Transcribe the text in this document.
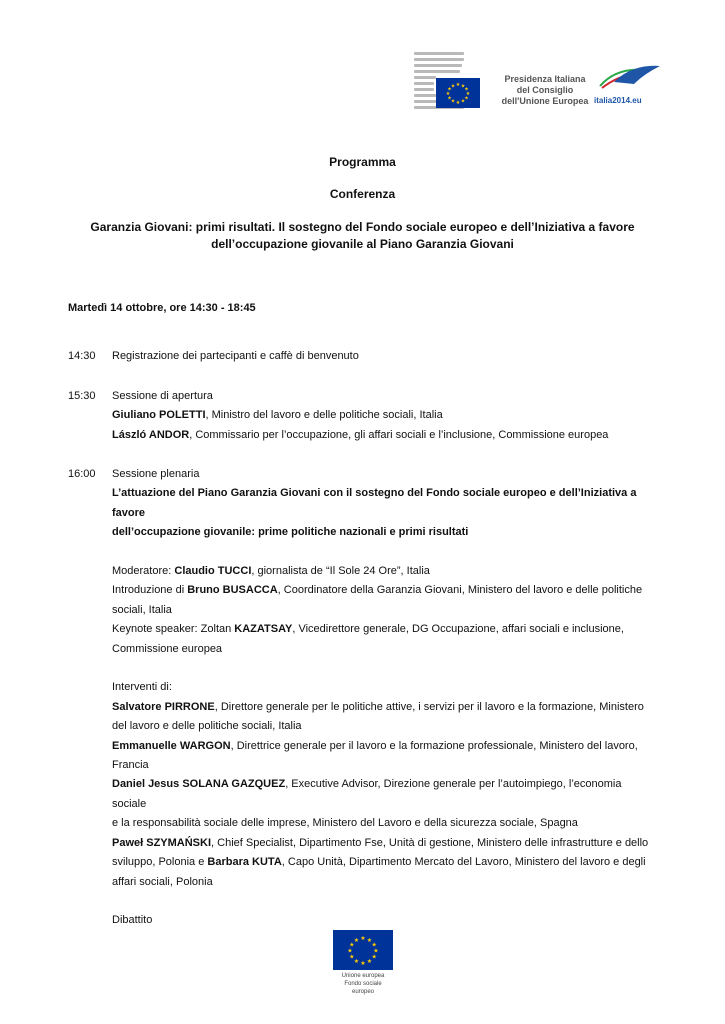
★ ★ ★
★
★
★
★
★
★
★
★ ★
Presidenza Italiana
del Consiglio
dell'Unione Europea italia2014.eu
Programma
Conferenza
Garanzia Giovani: primi risultati. Il sostegno del Fondo sociale europeo e dell’Iniziativa a favore
dell’occupazione giovanile al Piano Garanzia Giovani
Martedì 14 ottobre, ore 14:30 - 18:45
14:30 Registrazione dei partecipanti e caffè di benvenuto
15:30 Sessione di apertura
Giuliano POLETTI, Ministro del lavoro e delle politiche sociali, Italia
László ANDOR, Commissario per l’occupazione, gli affari sociali e l’inclusione, Commissione europea
16:00 Sessione plenaria
L’attuazione del Piano Garanzia Giovani con il sostegno del Fondo sociale europeo e dell’Iniziativa a favore
dell’occupazione giovanile: prime politiche nazionali e primi risultati
Moderatore: Claudio TUCCI, giornalista de “Il Sole 24 Ore”, Italia
Introduzione di Bruno BUSACCA, Coordinatore della Garanzia Giovani, Ministero del lavoro e delle politiche
sociali, Italia
Keynote speaker: Zoltan KAZATSAY, Vicedirettore generale, DG Occupazione, affari sociali e inclusione,
Commissione europea
Interventi di:
Salvatore PIRRONE, Direttore generale per le politiche attive, i servizi per il lavoro e la formazione, Ministero
del lavoro e delle politiche sociali, Italia
Emmanuelle WARGON, Direttrice generale per il lavoro e la formazione professionale, Ministero del lavoro,
Francia
Daniel Jesus SOLANA GAZQUEZ, Executive Advisor, Direzione generale per l’autoimpiego, l’economia sociale
e la responsabilità sociale delle imprese, Ministero del Lavoro e della sicurezza sociale, Spagna
Paweł SZYMAŃSKI, Chief Specialist, Dipartimento Fse, Unità di gestione, Ministero delle infrastrutture e dello
sviluppo, Polonia e Barbara KUTA, Capo Unità, Dipartimento Mercato del Lavoro, Ministero del lavoro e degli
affari sociali, Polonia
Dibattito
★ ★
★
★
★
★
★
★
★
★
★
★
Unione europea
Fondo sociale europeo
